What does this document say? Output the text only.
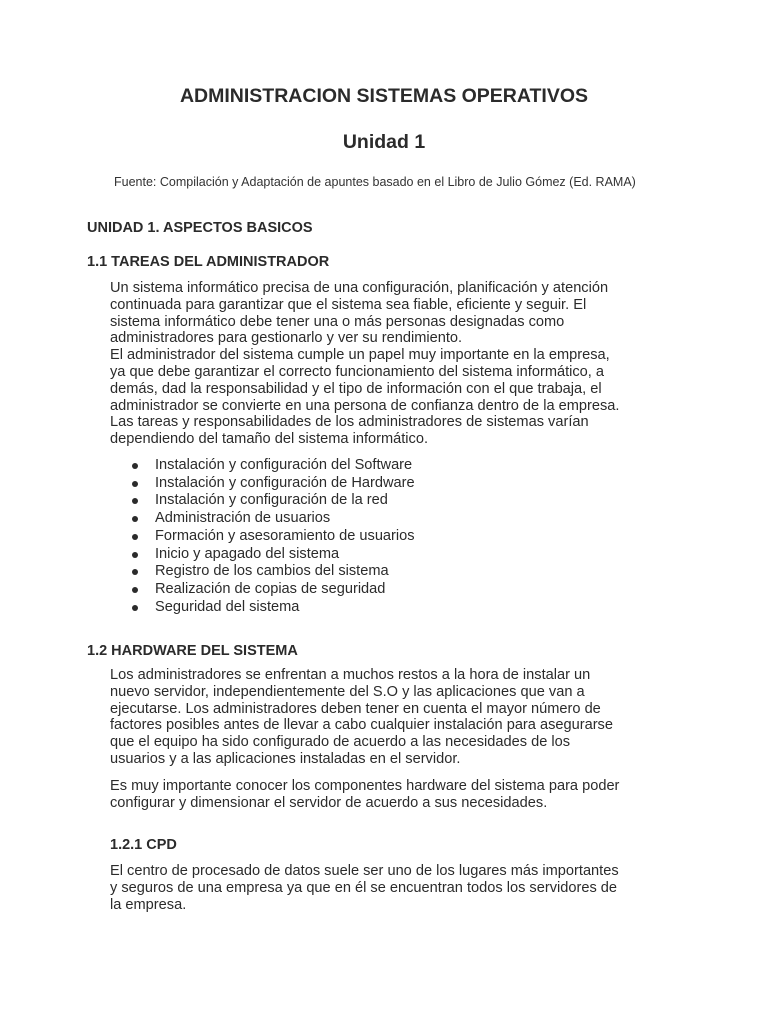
ADMINISTRACION SISTEMAS OPERATIVOS
Unidad 1

Fuente: Compilación y Adaptación de apuntes basado en el Libro de Julio Gómez (Ed. RAMA)

UNIDAD 1. ASPECTOS BASICOS
1.1 TAREAS DEL ADMINISTRADOR
Un sistema informático precisa de una configuración, planificación y atención
continuada para garantizar que el sistema sea fiable, eficiente y seguir. El
sistema informático debe tener una o más personas designadas como
administradores para gestionarlo y ver su rendimiento.
El administrador del sistema cumple un papel muy importante en la empresa,
ya que debe garantizar el correcto funcionamiento del sistema informático, a
demás, dad la responsabilidad y el tipo de información con el que trabaja, el
administrador se convierte en una persona de confianza dentro de la empresa.
Las tareas y responsabilidades de los administradores de sistemas varían
dependiendo del tamaño del sistema informático.
Instalación y configuración del Software
Instalación y configuración de Hardware
Instalación y configuración de la red
Administración de usuarios
Formación y asesoramiento de usuarios
Inicio y apagado del sistema
Registro de los cambios del sistema
Realización de copias de seguridad
Seguridad del sistema
1.2 HARDWARE DEL SISTEMA
Los administradores se enfrentan a muchos restos a la hora de instalar un
nuevo servidor, independientemente del S.O y las aplicaciones que van a
ejecutarse. Los administradores deben tener en cuenta el mayor número de
factores posibles antes de llevar a cabo cualquier instalación para asegurarse
que el equipo ha sido configurado de acuerdo a las necesidades de los
usuarios y a las aplicaciones instaladas en el servidor.
Es muy importante conocer los componentes hardware del sistema para poder
configurar y dimensionar el servidor de acuerdo a sus necesidades.
1.2.1 CPD
El centro de procesado de datos suele ser uno de los lugares más importantes
y seguros de una empresa ya que en él se encuentran todos los servidores de
la empresa.
